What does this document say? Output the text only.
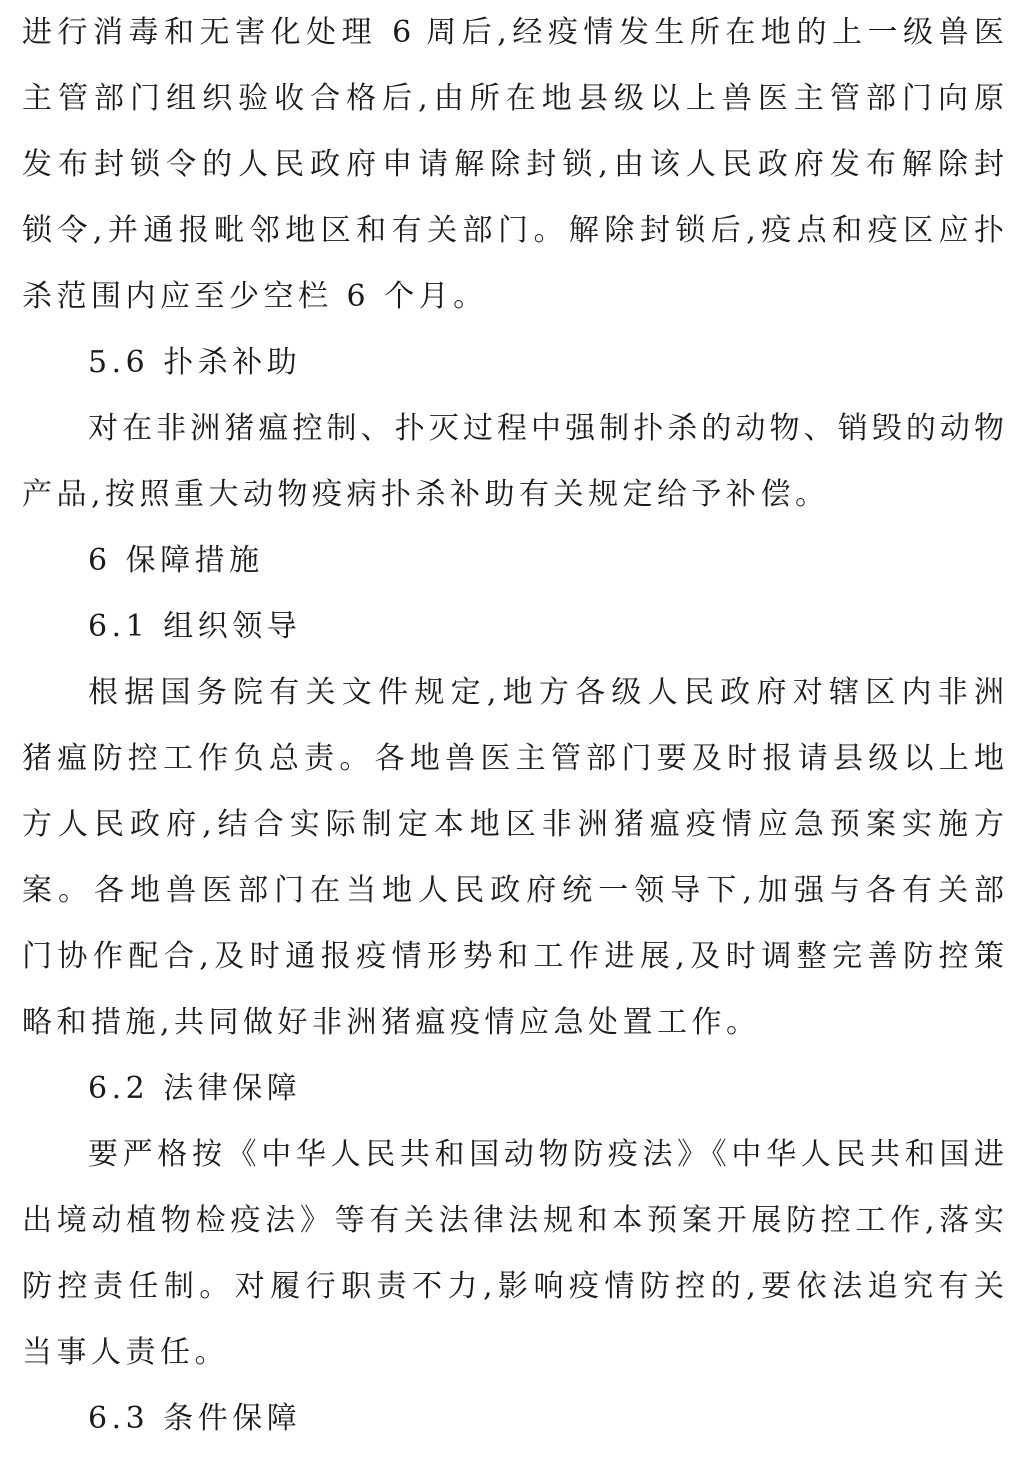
进行消毒和无害化处理 6 周后,经疫情发生所在地的上一级兽医
主管部门组织验收合格后,由所在地县级以上兽医主管部门向原
发布封锁令的人民政府申请解除封锁,由该人民政府发布解除封
锁令,并通报毗邻地区和有关部门。解除封锁后,疫点和疫区应扑
杀范围内应至少空栏 6 个月。
5.6 扑杀补助
对在非洲猪瘟控制、扑灭过程中强制扑杀的动物、销毁的动物
产品,按照重大动物疫病扑杀补助有关规定给予补偿。
6 保障措施
6.1 组织领导
根据国务院有关文件规定,地方各级人民政府对辖区内非洲
猪瘟防控工作负总责。各地兽医主管部门要及时报请县级以上地
方人民政府,结合实际制定本地区非洲猪瘟疫情应急预案实施方
案。各地兽医部门在当地人民政府统一领导下,加强与各有关部
门协作配合,及时通报疫情形势和工作进展,及时调整完善防控策
略和措施,共同做好非洲猪瘟疫情应急处置工作。
6.2 法律保障
要严格按《中华人民共和国动物防疫法》《中华人民共和国进
出境动植物检疫法》等有关法律法规和本预案开展防控工作,落实
防控责任制。对履行职责不力,影响疫情防控的,要依法追究有关
当事人责任。
6.3 条件保障
